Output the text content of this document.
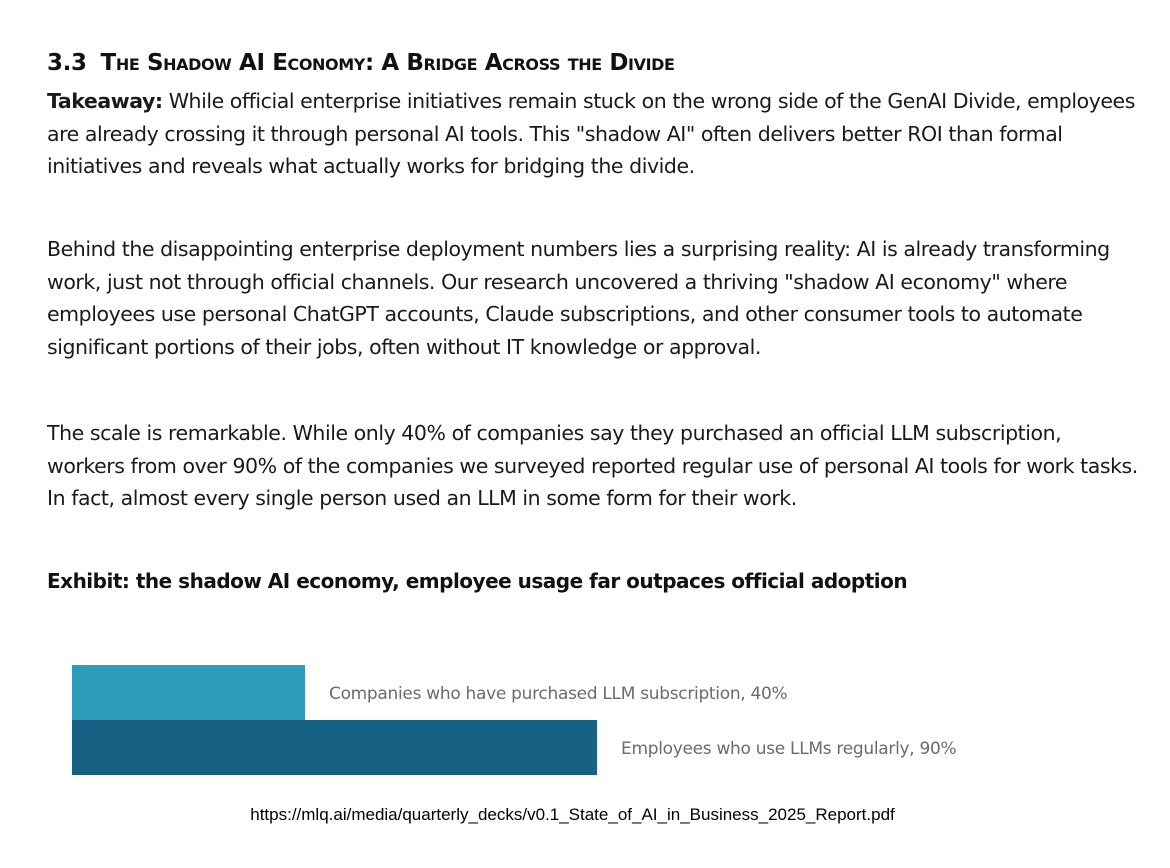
3.3 The Shadow AI Economy: A Bridge Across the Divide

Takeaway: While official enterprise initiatives remain stuck on the wrong side of the GenAI Divide, employees are already crossing it through personal AI tools. This "shadow AI" often delivers better ROI than formal initiatives and reveals what actually works for bridging the divide.

Behind the disappointing enterprise deployment numbers lies a surprising reality: AI is already transforming work, just not through official channels. Our research uncovered a thriving "shadow AI economy" where employees use personal ChatGPT accounts, Claude subscriptions, and other consumer tools to automate significant portions of their jobs, often without IT knowledge or approval.

The scale is remarkable. While only 40% of companies say they purchased an official LLM subscription, workers from over 90% of the companies we surveyed reported regular use of personal AI tools for work tasks. In fact, almost every single person used an LLM in some form for their work.

Exhibit: the shadow AI economy, employee usage far outpaces official adoption

Companies who have purchased LLM subscription, 40%
Employees who use LLMs regularly, 90%

https://mlq.ai/media/quarterly_decks/v0.1_State_of_AI_in_Business_2025_Report.pdf
